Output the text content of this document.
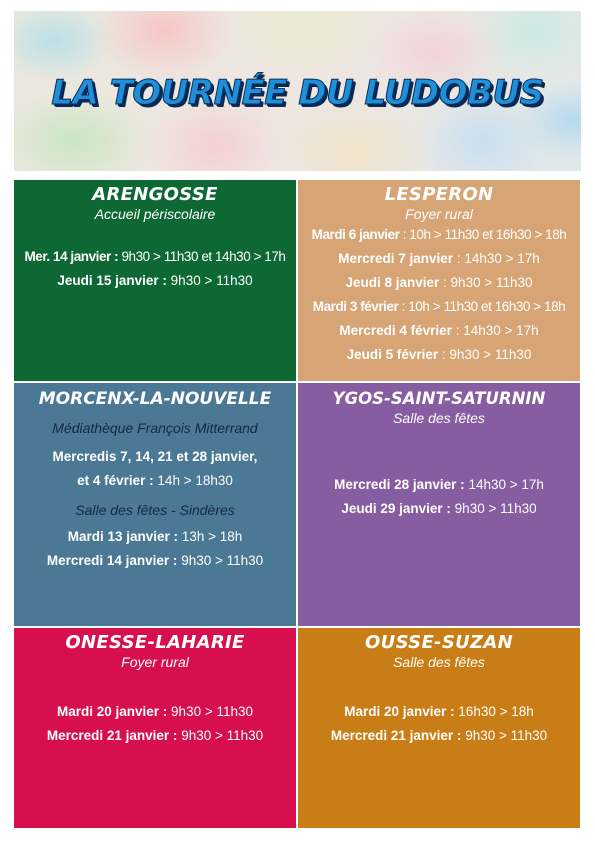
LA TOURNÉE DU LUDOBUS
ARENGOSSE
Accueil périscolaire
Mer. 14 janvier : 9h30 > 11h30 et 14h30 > 17h
Jeudi 15 janvier : 9h30 > 11h30
LESPERON
Foyer rural
Mardi 6 janvier : 10h > 11h30 et 16h30 > 18h
Mercredi 7 janvier : 14h30 > 17h
Jeudi 8 janvier : 9h30 > 11h30
Mardi 3 février : 10h > 11h30 et 16h30 > 18h
Mercredi 4 février : 14h30 > 17h
Jeudi 5 février : 9h30 > 11h30
MORCENX-LA-NOUVELLE
Médiathèque François Mitterrand
Mercredis 7, 14, 21 et 28 janvier,
et 4 février : 14h > 18h30
Salle des fêtes - Sindères
Mardi 13 janvier : 13h > 18h
Mercredi 14 janvier : 9h30 > 11h30
YGOS-SAINT-SATURNIN
Salle des fêtes
Mercredi 28 janvier : 14h30 > 17h
Jeudi 29 janvier : 9h30 > 11h30
ONESSE-LAHARIE
Foyer rural
Mardi 20 janvier : 9h30 > 11h30
Mercredi 21 janvier : 9h30 > 11h30
OUSSE-SUZAN
Salle des fêtes
Mardi 20 janvier : 16h30 > 18h
Mercredi 21 janvier : 9h30 > 11h30
